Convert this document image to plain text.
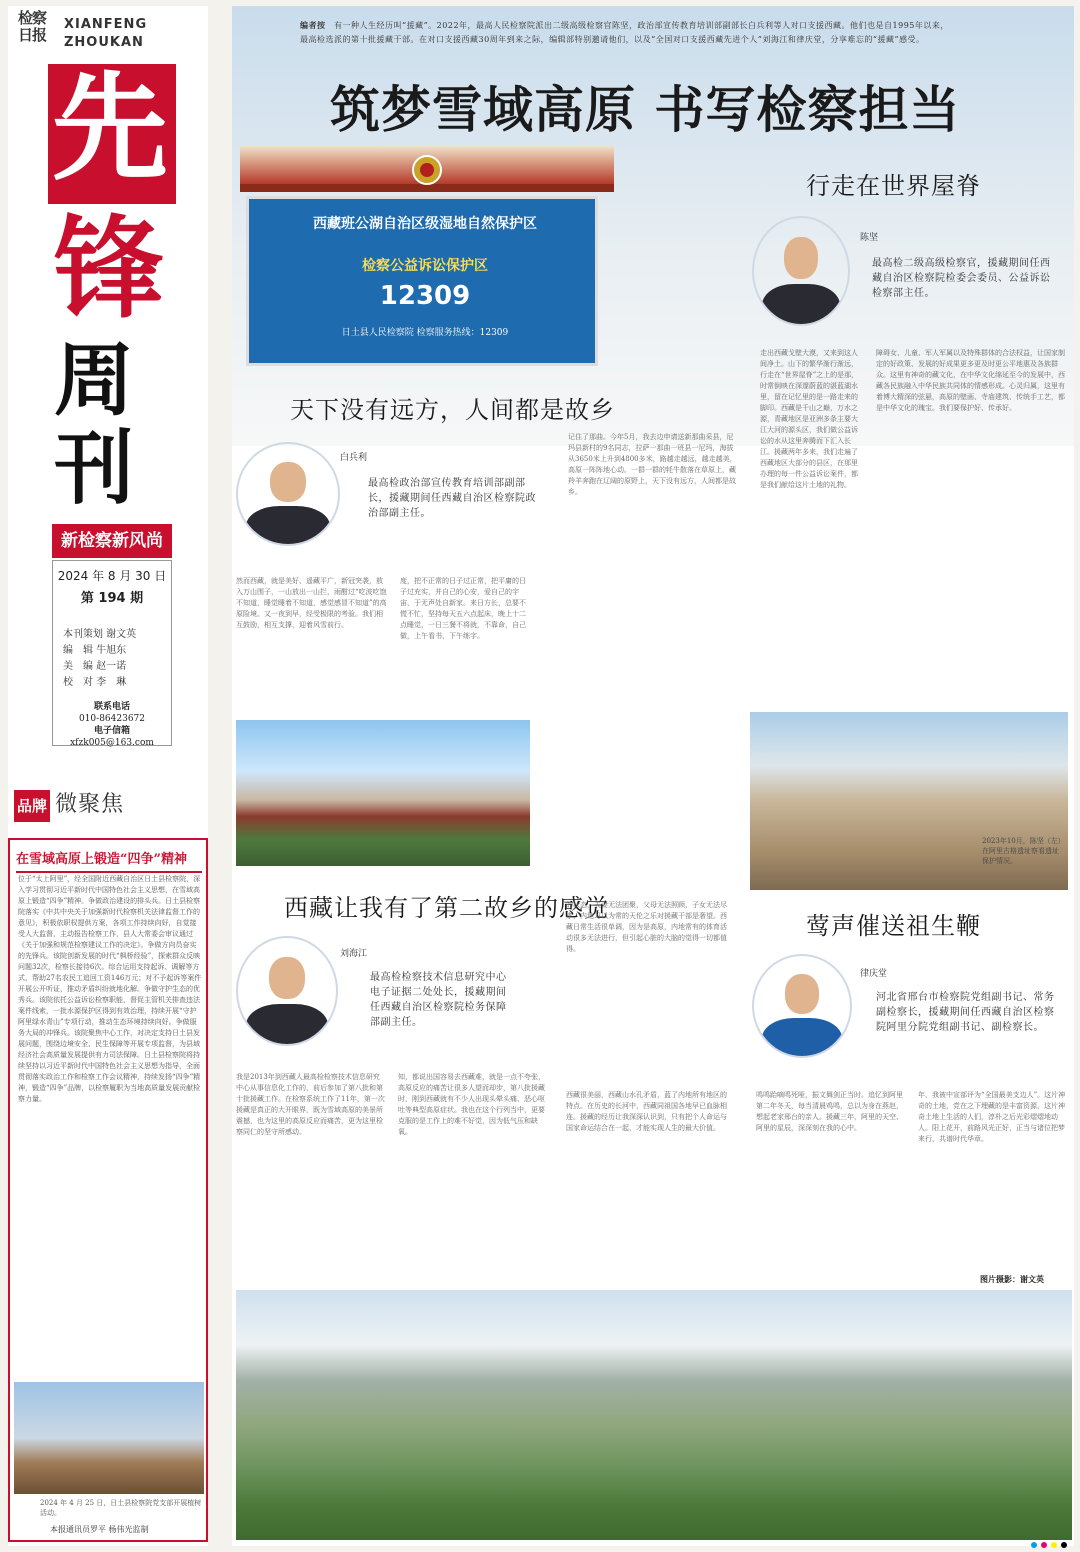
检察日报
XIANFENG
ZHOUKAN
先
锋
周
刊
新检察新风尚
2024 年 8 月 30 日
第 194 期
本刊策划 谢文英
编　辑 牛旭东
美　编 赵一诺
校　对 李　琳
联系电话
010-86423672
电子信箱
xfzk005@163.com
品牌 微聚焦
在雪域高原上锻造“四争”精神
位于“太上阿里”，经全国附近西藏自治区日土县检察院，深入学习贯彻习近平新时代中国特色社会主义思想，在雪域高原上锻造“四争”精神。争做政治建设的排头兵。日土县检察院落实《中共中央关于加强新时代检察机关法律监督工作的意见》，积极依职权提供方案，各项工作持续向好，自觉接受人大监督，主动报告检察工作，县人大常委会审议通过《关于加强和规范检察建议工作的决定》。争做方向员奋实的先锋兵。该院创新发展的时代“枫桥经验”，探索群众反映问题32次，检察长接待6次。综合运用支持起诉、调解等方式，帮助27名农民工追回工资146万元；对不予起诉等案件开展公开听证，推动矛盾纠纷就地化解。争做守护生态的优秀兵。该院依托公益诉讼检察职能，督促主管机关排查违法案件线索，一批水源保护区得到有效治理，持续开展“守护阿里绿水青山”专项行动，推动生态环境持续向好。争做服务大局的冲锋兵。该院聚焦中心工作，对决定支持日土县发展问题，围绕边境安全、民生保障等开展专项监督，为县域经济社会高质量发展提供有力司法保障。日土县检察院将持续坚持以习近平新时代中国特色社会主义思想为指导，全面贯彻落实政治工作和检察工作会议精神，持续发扬“四争”精神，锻造“四争”品牌，以检察履职为当地高质量发展贡献检察力量。
2024 年 4 月 25 日，日土县检察院党支部开展植树活动。
本报通讯员罗平 杨伟光监制
编者按　 有一种人生经历叫“援藏”。2022年，最高人民检察院派出二级高级检察官陈坚，政治部宣传教育培训部副部长白兵利等人对口支援西藏。他们也是自1995年以来，最高检选派的第十批援藏干部。在对口支援西藏30周年到来之际，编辑部特别邀请他们，以及“全国对口支援西藏先进个人”刘海江和律庆堂，分享难忘的“援藏”感受。
筑梦雪域高原 书写检察担当
西藏班公湖自治区级湿地自然保护区
检察公益诉讼保护区
12309
日土县人民检察院 检察服务热线：12309
行走在世界屋脊
陈坚
最高检二级高级检察官，援藏期间任西藏自治区检察院检委会委员、公益诉讼检察部主任。
天下没有远方，人间都是故乡
白兵利
最高检政治部宣传教育培训部副部长，援藏期间任西藏自治区检察院政治部副主任。
走出西藏戈壁大漠，又来到这人间净土。山下的繁华渐行渐远，行走在“世界屋脊”之上的是那，时常倒映在深邃蔚蓝的湛蓝湖水里，留在记忆里的是一路走来的脚印。西藏是千山之巅，万水之源，青藏地区是亚洲多条主要大江大河的源头区，我们做公益诉讼的水从这里奔腾而下汇入长江。援藏两年多来，我们走遍了西藏地区大部分的县区，在那里办理的每一件公益诉讼案件，都是我们献给这片土地的礼物。
障碍女、儿童、军人军属以及特殊群体的合法权益，让国家制定的好政策、发展的好成果更多更及时更公平地惠及各族群众。这里有神奇的藏文化，在中华文化绵延至今的发展中，西藏各民族融入中华民族共同体的情感形成。心灵归属，这里有着博大精深的弦悬，高原的壁画、寺庙建筑、传统手工艺，都是中华文化的瑰宝。我们要保护好、传承好。
然而西藏，就是美好、遥藏平广，新冠突袭，敖入万山围子，一山放出一山拦，雨酣过“吃波吃饱不知道，睡觉睡着不知道，感觉感冒不知道”的高原险境。又一夜到早，经受极限的考验。我们相互鼓励，相互支撑，迎着风雪前行。
度，把不正常的日子过正常，把平庸的日子过充实，并自己的心安，爱自己的宇宙，于无声处自新家。来日方长，总要不慌不忙，坚持每天五六点起床，晚上十二点睡觉，一日三餐不将就，不靠命，自己做，上午看书，下午练字。
记住了那曲。今年5月，我去边申请送新那曲采县，尼玛县新村的9名同志，拉萨一那曲一班县一尼玛，海拔从3650米上升到4800多米，路越走越远，越走越美，高原一阵阵地心动。一群一群的牦牛散落在草原上，藏羚羊奔跑在辽阔的原野上，天下没有远方，人间都是故乡。
2023年10月，陈坚（左）在阿里古格遗址察看遗址保护情况。
西藏让我有了第二故乡的感觉
刘海江
最高检检察技术信息研究中心电子证据二处处长，援藏期间任西藏自治区检察院检务保障部副主任。
我是2013年到西藏人最高检检察技术信息研究中心从事信息化工作的，前后参加了第八批和第十批援藏工作。在检察系统工作了11年，第一次援藏是真正的大开眼界，既为雪域高原的美景所震撼，也为这里的高原反应而痛苦，更为这里检察同仁的坚守所感动。
知，都说出国容易去西藏难，就是一点不夸张，高原反应的痛苦让很多人望而却步，第八批援藏时，刚到西藏就有不少人出现头晕头痛、恶心呕吐等典型高原症状。我也在这个行列当中，更要克服的是工作上的难不好觉，因为低气压和缺氧。
的状态，夫妻无法团聚，父母无法照顾，子女无法尽孝，内地习以为常的天伦之乐对援藏干部是奢望。西藏日常生活很单调，因为是高原，内地常有的体育活动很多无法进行，但引起心脏的大脑的觉得一切都值得。
西藏很美丽，西藏山水孔矛盾，蓝了内地所有地区的特点。在历史的长河中，西藏同祖国各地早已血脉相连。援藏的经历让我深深认识到，只有把个人命运与国家命运结合在一起，才能实现人生的最大价值。
莺声催送祖生鞭
律庆堂
河北省邢台市检察院党组副书记、常务副检察长，援藏期间任西藏自治区检察院阿里分院党组副书记、副检察长。
鸣鸣跆嘀鸣死哑，振文舞剑正当时。追忆到阿里第二年冬天，每当清晨鸡鸣，总以为身在燕赵，想起老家邢台的亲人。援藏三年，阿里的天空、阿里的星辰，深深刻在我的心中。
年，我被中宣部评为“全国最美支边人”。这片神奇的土地，党在之下埋藏的是丰富资源，这片神奇土地上生活的人们，淳朴之后光彩熠熠地动人。阳上花开，前路风光正好，正当与诸位把梦来行，共谱时代华章。
图片摄影：谢文英
